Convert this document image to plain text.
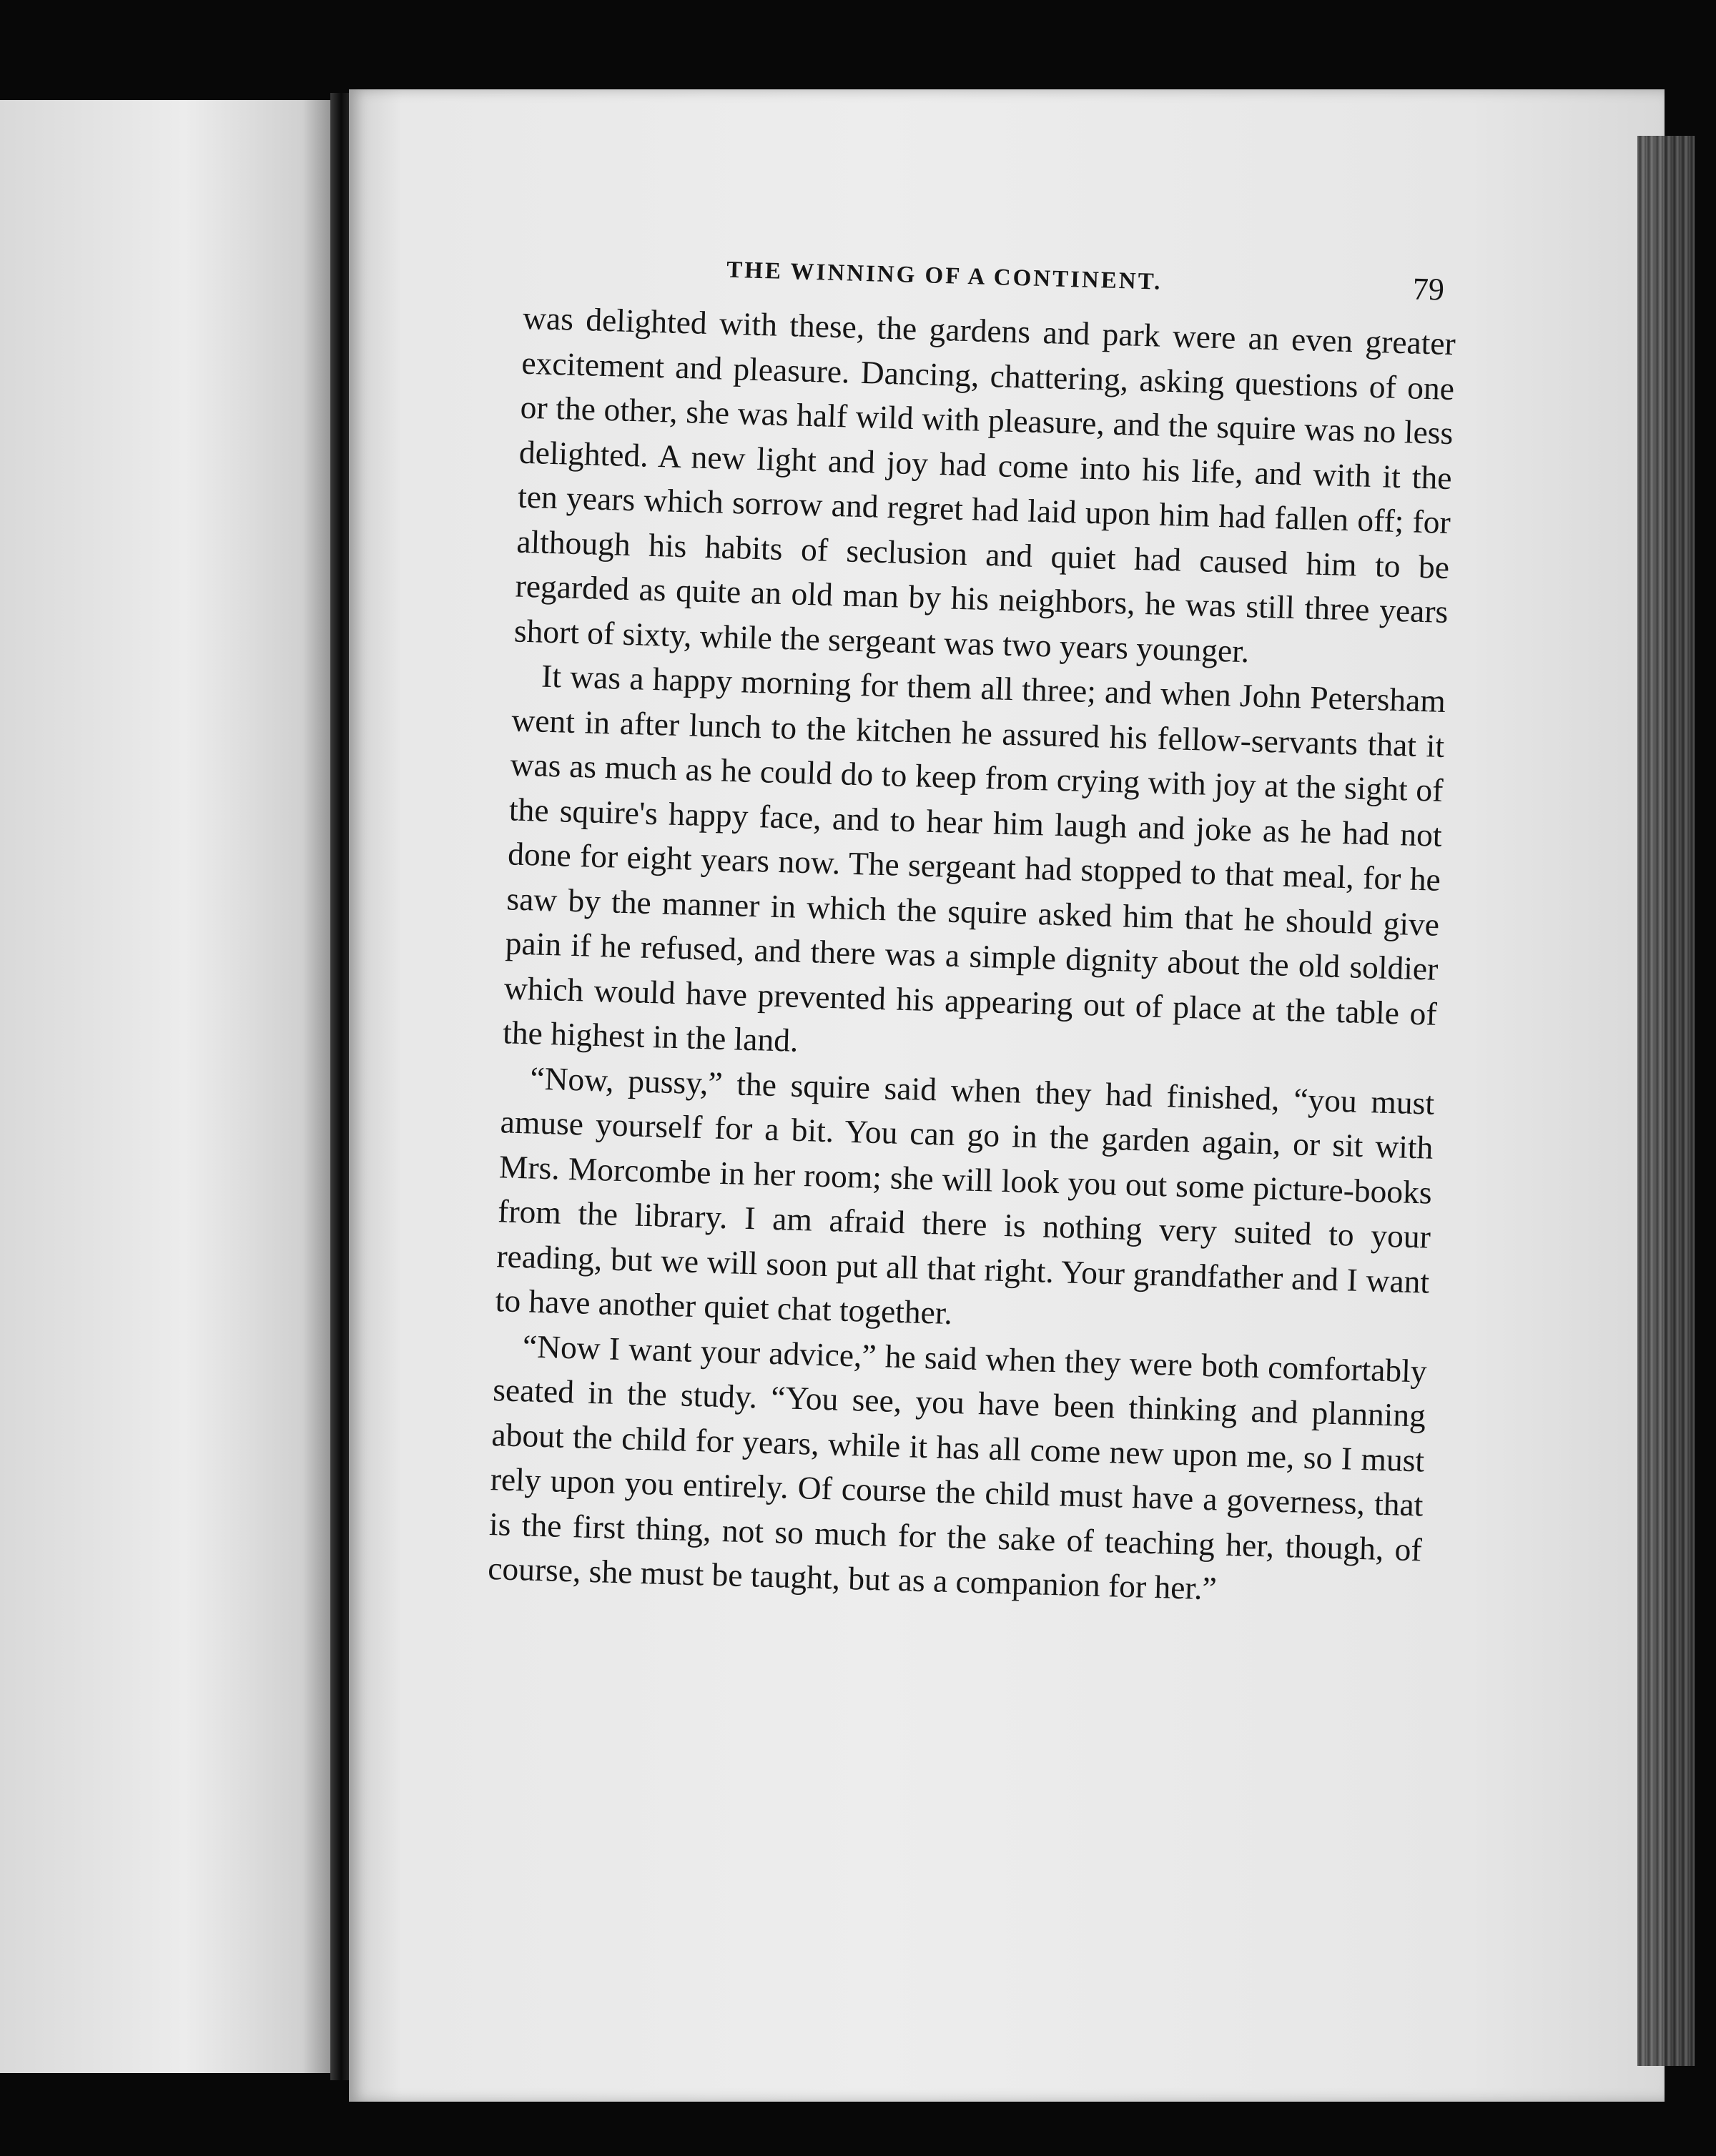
THE WINNING OF A CONTINENT.	79

was delighted with these, the gardens and park were an even greater excitement and pleasure. Dancing, chattering, asking questions of one or the other, she was half wild with pleasure, and the squire was no less delighted. A new light and joy had come into his life, and with it the ten years which sorrow and regret had laid upon him had fallen off; for although his habits of seclusion and quiet had caused him to be regarded as quite an old man by his neighbors, he was still three years short of sixty, while the sergeant was two years younger.

It was a happy morning for them all three; and when John Petersham went in after lunch to the kitchen he assured his fellow-servants that it was as much as he could do to keep from crying with joy at the sight of the squire's happy face, and to hear him laugh and joke as he had not done for eight years now. The sergeant had stopped to that meal, for he saw by the manner in which the squire asked him that he should give pain if he refused, and there was a simple dignity about the old soldier which would have prevented his appearing out of place at the table of the highest in the land.

“Now, pussy,” the squire said when they had finished, “you must amuse yourself for a bit. You can go in the garden again, or sit with Mrs. Morcombe in her room; she will look you out some picture-books from the library. I am afraid there is nothing very suited to your reading, but we will soon put all that right. Your grandfather and I want to have another quiet chat together.

“Now I want your advice,” he said when they were both comfortably seated in the study. “You see, you have been thinking and planning about the child for years, while it has all come new upon me, so I must rely upon you entirely. Of course the child must have a governess, that is the first thing, not so much for the sake of teaching her, though, of course, she must be taught, but as a companion for her.”
